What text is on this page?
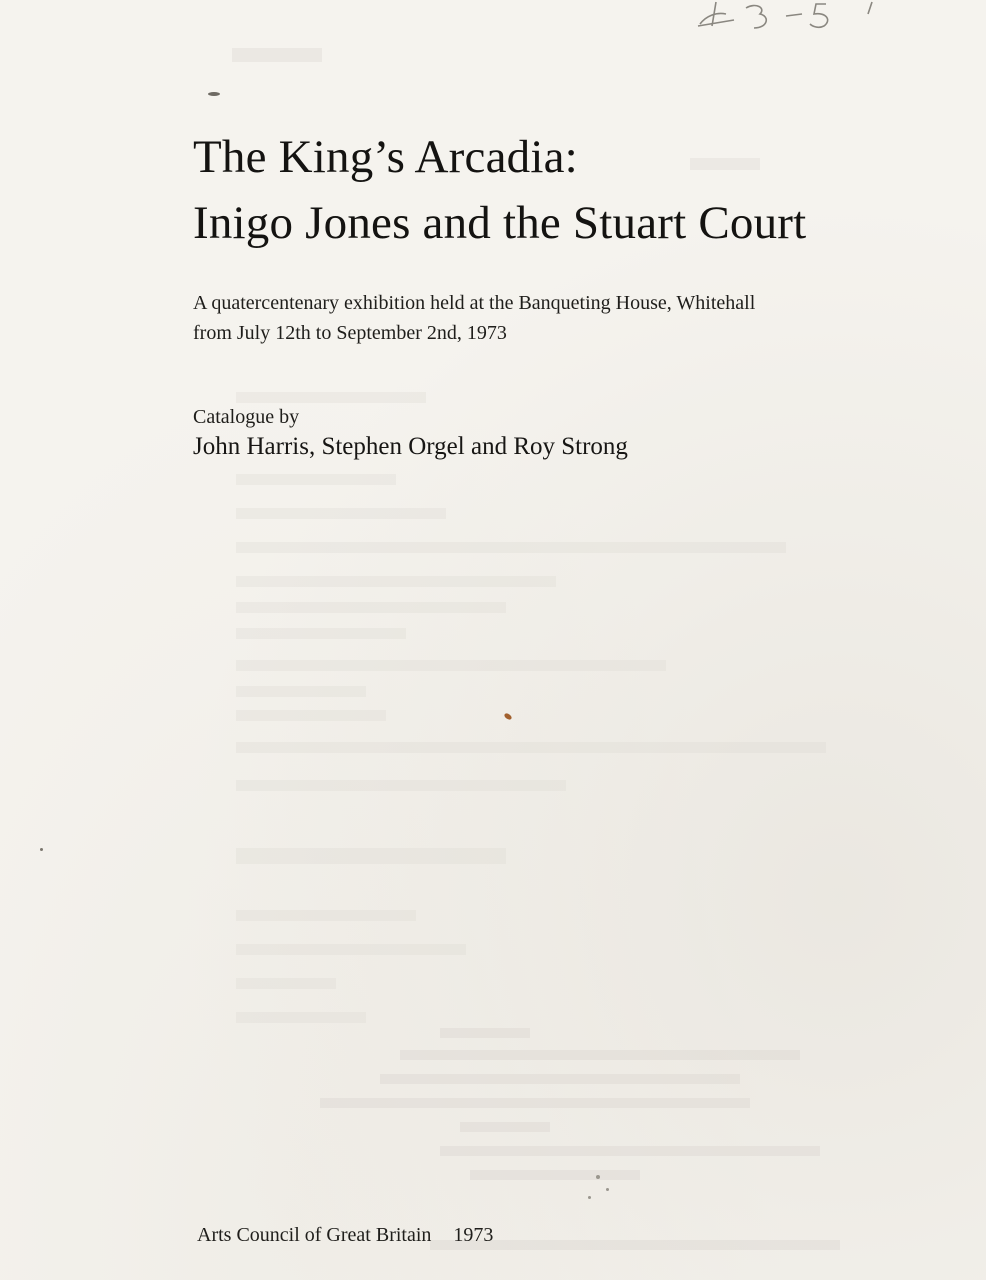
The King’s Arcadia:
Inigo Jones and the Stuart Court

A quatercentenary exhibition held at the Banqueting House, Whitehall
from July 12th to September 2nd, 1973

Catalogue by
John Harris, Stephen Orgel and Roy Strong
Arts Council of Great Britain 1973
